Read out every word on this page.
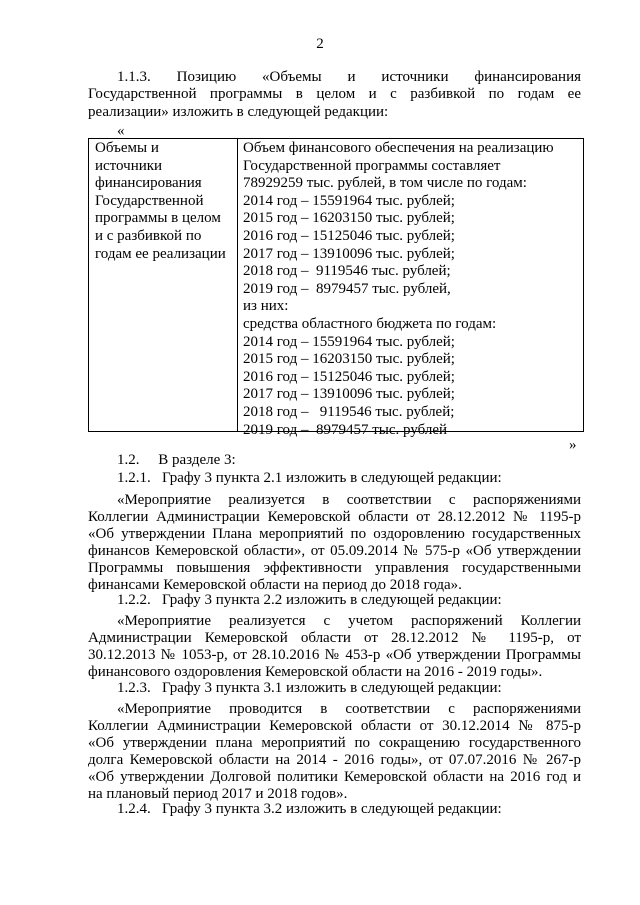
2
1.1.3. Позицию «Объемы и источники финансирования
Государственной программы в целом и с разбивкой по годам ее
реализации» изложить в следующей редакции:
«
Объемы и
источники
финансирования
Государственной
программы в целом
и с разбивкой по
годам ее реализации
Объем финансового обеспечения на реализацию
Государственной программы составляет
78929259 тыс. рублей, в том числе по годам:
2014 год – 15591964 тыс. рублей;
2015 год – 16203150 тыс. рублей;
2016 год – 15125046 тыс. рублей;
2017 год – 13910096 тыс. рублей;
2018 год –  9119546 тыс. рублей;
2019 год –  8979457 тыс. рублей,
из них:
средства областного бюджета по годам:
2014 год – 15591964 тыс. рублей;
2015 год – 16203150 тыс. рублей;
2016 год – 15125046 тыс. рублей;
2017 год – 13910096 тыс. рублей;
2018 год –   9119546 тыс. рублей;
2019 год –  8979457 тыс. рублей
»
1.2.     В разделе 3:
1.2.1.   Графу 3 пункта 2.1 изложить в следующей редакции:
«Мероприятие реализуется в соответствии с распоряжениями
Коллегии Администрации Кемеровской области от 28.12.2012 № 1195-р
«Об утверждении Плана мероприятий по оздоровлению государственных
финансов Кемеровской области», от 05.09.2014 № 575-р «Об утверждении
Программы повышения эффективности управления государственными
финансами Кемеровской области на период до 2018 года».
1.2.2.   Графу 3 пункта 2.2 изложить в следующей редакции:
«Мероприятие реализуется с учетом распоряжений Коллегии
Администрации Кемеровской области от 28.12.2012 № 1195-р, от
30.12.2013 № 1053-р, от 28.10.2016 № 453-р «Об утверждении Программы
финансового оздоровления Кемеровской области на 2016 - 2019 годы».
1.2.3.   Графу 3 пункта 3.1 изложить в следующей редакции:
«Мероприятие проводится в соответствии с распоряжениями
Коллегии Администрации Кемеровской области от 30.12.2014 № 875-р
«Об утверждении плана мероприятий по сокращению государственного
долга Кемеровской области на 2014 - 2016 годы», от 07.07.2016 № 267-р
«Об утверждении Долговой политики Кемеровской области на 2016 год и
на плановый период 2017 и 2018 годов».
1.2.4.   Графу 3 пункта 3.2 изложить в следующей редакции:
